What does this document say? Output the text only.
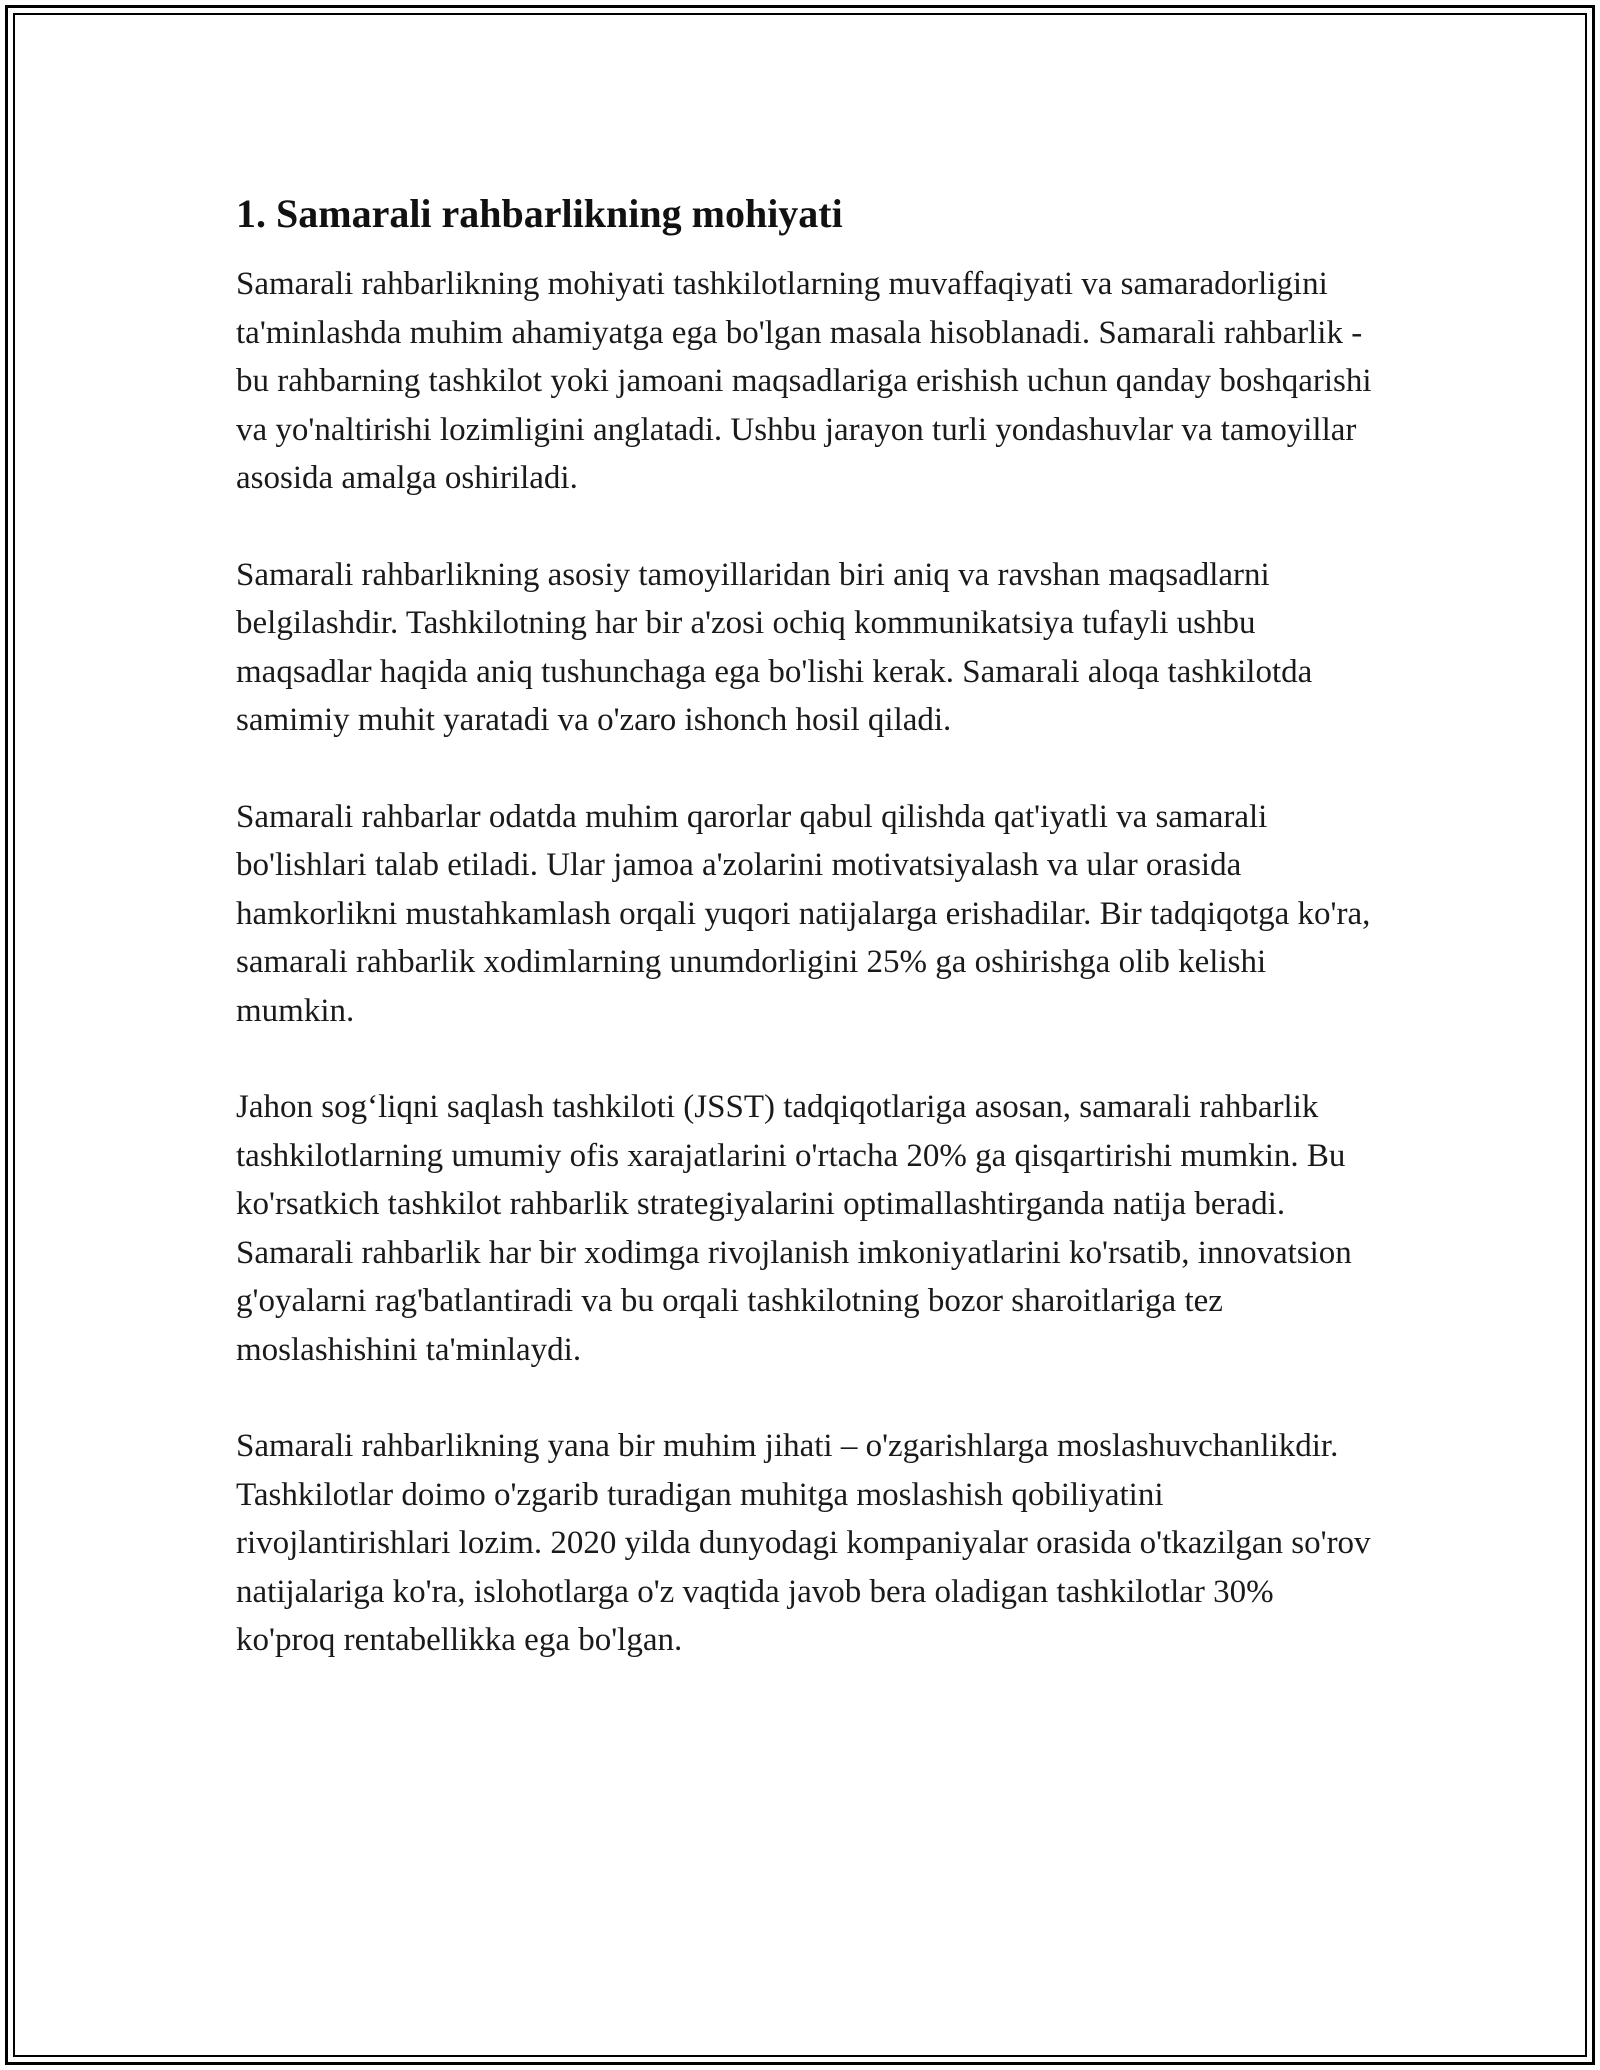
1. Samarali rahbarlikning mohiyati

Samarali rahbarlikning mohiyati tashkilotlarning muvaffaqiyati va samaradorligini ta'minlashda muhim ahamiyatga ega bo'lgan masala hisoblanadi. Samarali rahbarlik - bu rahbarning tashkilot yoki jamoani maqsadlariga erishish uchun qanday boshqarishi va yo'naltirishi lozimligini anglatadi. Ushbu jarayon turli yondashuvlar va tamoyillar asosida amalga oshiriladi.

Samarali rahbarlikning asosiy tamoyillaridan biri aniq va ravshan maqsadlarni belgilashdir. Tashkilotning har bir a'zosi ochiq kommunikatsiya tufayli ushbu maqsadlar haqida aniq tushunchaga ega bo'lishi kerak. Samarali aloqa tashkilotda samimiy muhit yaratadi va o'zaro ishonch hosil qiladi.

Samarali rahbarlar odatda muhim qarorlar qabul qilishda qat'iyatli va samarali bo'lishlari talab etiladi. Ular jamoa a'zolarini motivatsiyalash va ular orasida hamkorlikni mustahkamlash orqali yuqori natijalarga erishadilar. Bir tadqiqotga ko'ra, samarali rahbarlik xodimlarning unumdorligini 25% ga oshirishga olib kelishi mumkin.

Jahon sog‘liqni saqlash tashkiloti (JSST) tadqiqotlariga asosan, samarali rahbarlik tashkilotlarning umumiy ofis xarajatlarini o'rtacha 20% ga qisqartirishi mumkin. Bu ko'rsatkich tashkilot rahbarlik strategiyalarini optimallashtirganda natija beradi. Samarali rahbarlik har bir xodimga rivojlanish imkoniyatlarini ko'rsatib, innovatsion g'oyalarni rag'batlantiradi va bu orqali tashkilotning bozor sharoitlariga tez moslashishini ta'minlaydi.

Samarali rahbarlikning yana bir muhim jihati – o'zgarishlarga moslashuvchanlikdir. Tashkilotlar doimo o'zgarib turadigan muhitga moslashish qobiliyatini rivojlantirishlari lozim. 2020 yilda dunyodagi kompaniyalar orasida o'tkazilgan so'rov natijalariga ko'ra, islohotlarga o'z vaqtida javob bera oladigan tashkilotlar 30% ko'proq rentabellikka ega bo'lgan.
